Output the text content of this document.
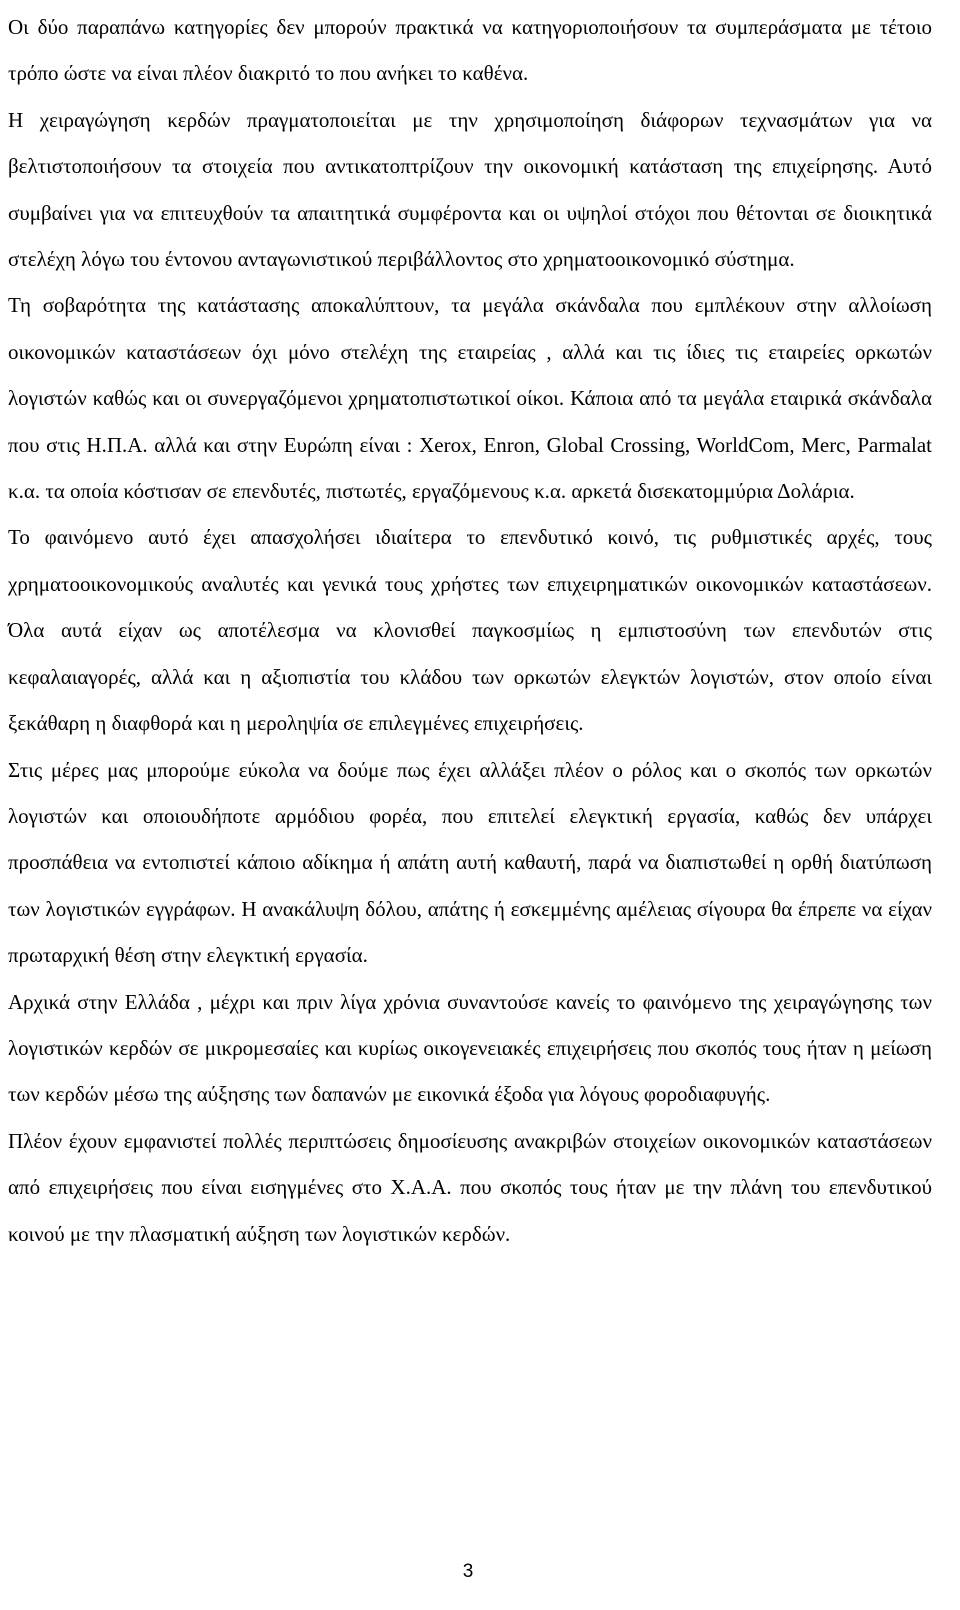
Οι δύο παραπάνω κατηγορίες δεν μπορούν πρακτικά να κατηγοριοποιήσουν τα συμπεράσματα με τέτοιο τρόπο ώστε να είναι πλέον διακριτό το που ανήκει το καθένα.

Η χειραγώγηση κερδών πραγματοποιείται με την χρησιμοποίηση διάφορων τεχνασμάτων για να βελτιστοποιήσουν τα στοιχεία που αντικατοπτρίζουν την οικονομική κατάσταση της επιχείρησης. Αυτό συμβαίνει για να επιτευχθούν τα απαιτητικά συμφέροντα και οι υψηλοί στόχοι που θέτονται σε διοικητικά στελέχη λόγω του έντονου ανταγωνιστικού περιβάλλοντος στο χρηματοοικονομικό σύστημα.

Τη σοβαρότητα της κατάστασης αποκαλύπτουν, τα μεγάλα σκάνδαλα που εμπλέκουν στην αλλοίωση οικονομικών καταστάσεων όχι μόνο στελέχη της εταιρείας , αλλά και τις ίδιες τις εταιρείες ορκωτών λογιστών καθώς και οι συνεργαζόμενοι χρηματοπιστωτικοί οίκοι. Κάποια από τα μεγάλα εταιρικά σκάνδαλα που στις Η.Π.Α. αλλά και στην Ευρώπη είναι : Xerox, Enron, Global Crossing, WorldCom, Merc, Parmalat κ.α. τα οποία κόστισαν σε επενδυτές, πιστωτές, εργαζόμενους κ.α. αρκετά δισεκατομμύρια Δολάρια.

Το φαινόμενο αυτό έχει απασχολήσει ιδιαίτερα το επενδυτικό κοινό, τις ρυθμιστικές αρχές, τους χρηματοοικονομικούς αναλυτές και γενικά τους χρήστες των επιχειρηματικών οικονομικών καταστάσεων. Όλα αυτά είχαν ως αποτέλεσμα να κλονισθεί παγκοσμίως η εμπιστοσύνη των επενδυτών στις κεφαλαιαγορές, αλλά και η αξιοπιστία του κλάδου των ορκωτών ελεγκτών λογιστών, στον οποίο είναι ξεκάθαρη η διαφθορά και η μεροληψία σε επιλεγμένες επιχειρήσεις.

Στις μέρες μας μπορούμε εύκολα να δούμε πως έχει αλλάξει πλέον ο ρόλος και ο σκοπός των ορκωτών λογιστών και οποιουδήποτε αρμόδιου φορέα, που επιτελεί ελεγκτική εργασία, καθώς δεν υπάρχει προσπάθεια να εντοπιστεί κάποιο αδίκημα ή απάτη αυτή καθαυτή, παρά να διαπιστωθεί η ορθή διατύπωση των λογιστικών εγγράφων. Η ανακάλυψη δόλου, απάτης ή εσκεμμένης αμέλειας σίγουρα θα έπρεπε να είχαν πρωταρχική θέση στην ελεγκτική εργασία.

Αρχικά στην Ελλάδα , μέχρι και πριν λίγα χρόνια συναντούσε κανείς το φαινόμενο της χειραγώγησης των λογιστικών κερδών σε μικρομεσαίες και κυρίως οικογενειακές επιχειρήσεις που σκοπός τους ήταν η μείωση των κερδών μέσω της αύξησης των δαπανών με εικονικά έξοδα για λόγους φοροδιαφυγής.

Πλέον έχουν εμφανιστεί πολλές περιπτώσεις δημοσίευσης ανακριβών στοιχείων οικονομικών καταστάσεων από επιχειρήσεις που είναι εισηγμένες στο Χ.Α.Α. που σκοπός τους ήταν με την πλάνη του επενδυτικού κοινού με την πλασματική αύξηση των λογιστικών κερδών.

3
